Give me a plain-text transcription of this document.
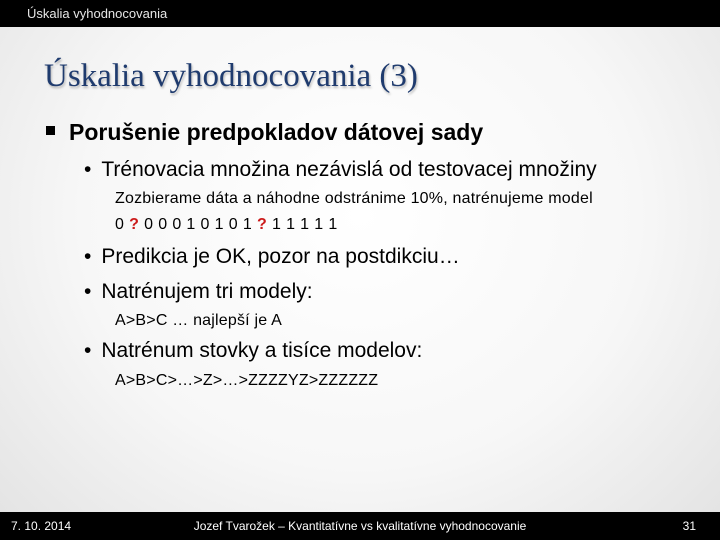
Úskalia vyhodnocovania
Úskalia vyhodnocovania (3)
Porušenie predpokladov dátovej sady
• Trénovacia množina nezávislá od testovacej množiny
Zozbierame dáta a náhodne odstránime 10%, natrénujeme model
0 ? 0 0 0 1 0 1 0 1 ? 1 1 1 1 1
• Predikcia je OK, pozor na postdikciu…
• Natrénujem tri modely:
A>B>C … najlepší je A
• Natrénum stovky a tisíce modelov:
A>B>C>…>Z>…>ZZZZYZ>ZZZZZZ
7. 10. 2014	Jozef Tvarožek – Kvantitatívne vs kvalitatívne vyhodnocovanie	31
